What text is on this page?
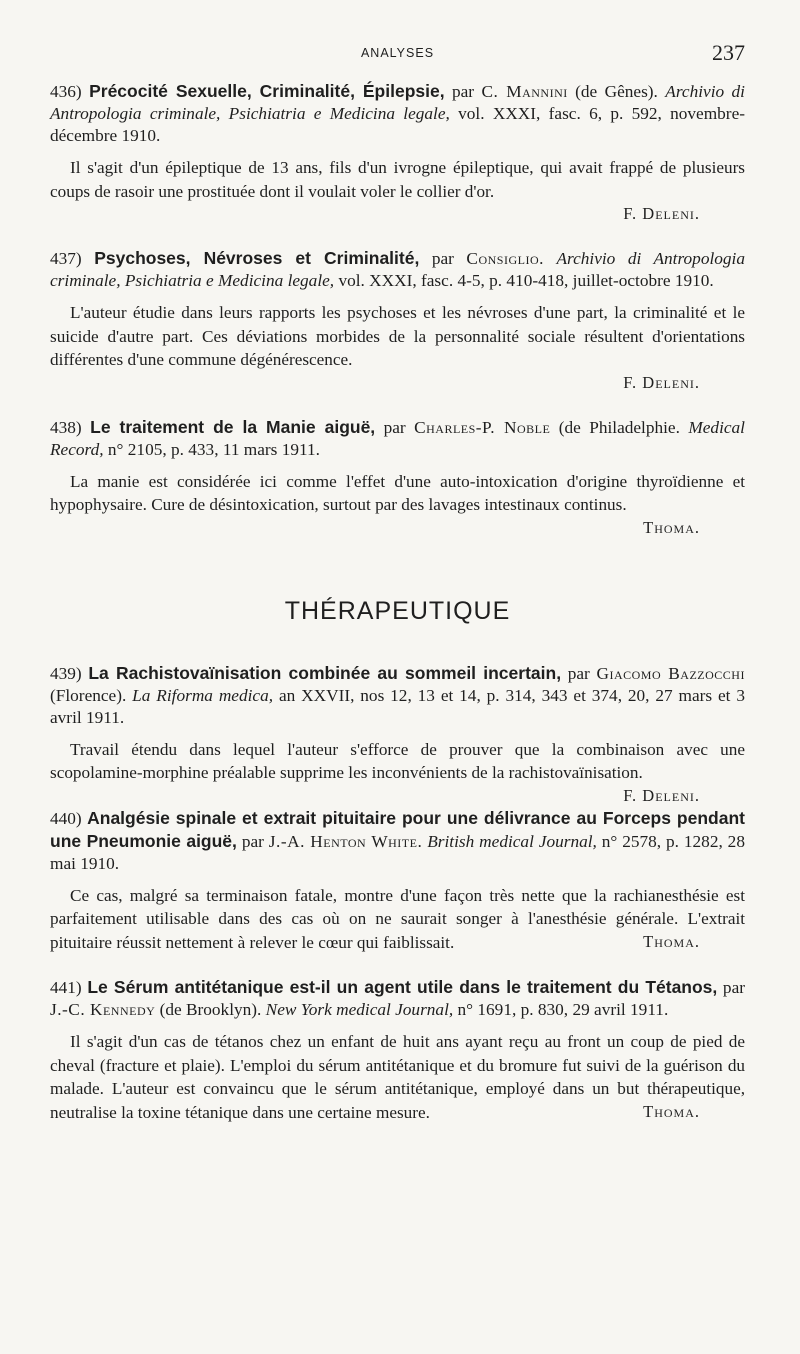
ANALYSES	237
436) Précocité Sexuelle, Criminalité, Épilepsie, par C. Mannini (de Gênes). Archivio di Antropologia criminale, Psichiatria e Medicina legale, vol. XXXI, fasc. 6, p. 592, novembre-décembre 1910.
Il s'agit d'un épileptique de 13 ans, fils d'un ivrogne épileptique, qui avait frappé de plusieurs coups de rasoir une prostituée dont il voulait voler le collier d'or.
F. Deleni.
437) Psychoses, Névroses et Criminalité, par Consiglio. Archivio di Antropologia criminale, Psichiatria e Medicina legale, vol. XXXI, fasc. 4-5, p. 410-418, juillet-octobre 1910.
L'auteur étudie dans leurs rapports les psychoses et les névroses d'une part, la criminalité et le suicide d'autre part. Ces déviations morbides de la personnalité sociale résultent d'orientations différentes d'une commune dégénérescence.
F. Deleni.
438) Le traitement de la Manie aiguë, par Charles-P. Noble (de Philadelphie. Medical Record, n° 2105, p. 433, 11 mars 1911.
La manie est considérée ici comme l'effet d'une auto-intoxication d'origine thyroïdienne et hypophysaire. Cure de désintoxication, surtout par des lavages intestinaux continus.
Thoma.
THÉRAPEUTIQUE
439) La Rachistovaïnisation combinée au sommeil incertain, par Giacomo Bazzocchi (Florence). La Riforma medica, an XXVII, nos 12, 13 et 14, p. 314, 343 et 374, 20, 27 mars et 3 avril 1911.
Travail étendu dans lequel l'auteur s'efforce de prouver que la combinaison avec une scopolamine-morphine préalable supprime les inconvénients de la rachistovaïnisation.
F. Deleni.
440) Analgésie spinale et extrait pituitaire pour une délivrance au Forceps pendant une Pneumonie aiguë, par J.-A. Henton White. British medical Journal, n° 2578, p. 1282, 28 mai 1910.
Ce cas, malgré sa terminaison fatale, montre d'une façon très nette que la rachianesthésie est parfaitement utilisable dans des cas où on ne saurait songer à l'anesthésie générale. L'extrait pituitaire réussit nettement à relever le cœur qui faiblissait.	Thoma.
441) Le Sérum antitétanique est-il un agent utile dans le traitement du Tétanos, par J.-C. Kennedy (de Brooklyn). New York medical Journal, n° 1691, p. 830, 29 avril 1911.
Il s'agit d'un cas de tétanos chez un enfant de huit ans ayant reçu au front un coup de pied de cheval (fracture et plaie). L'emploi du sérum antitétanique et du bromure fut suivi de la guérison du malade. L'auteur est convaincu que le sérum antitétanique, employé dans un but thérapeutique, neutralise la toxine tétanique dans une certaine mesure.	Thoma.
